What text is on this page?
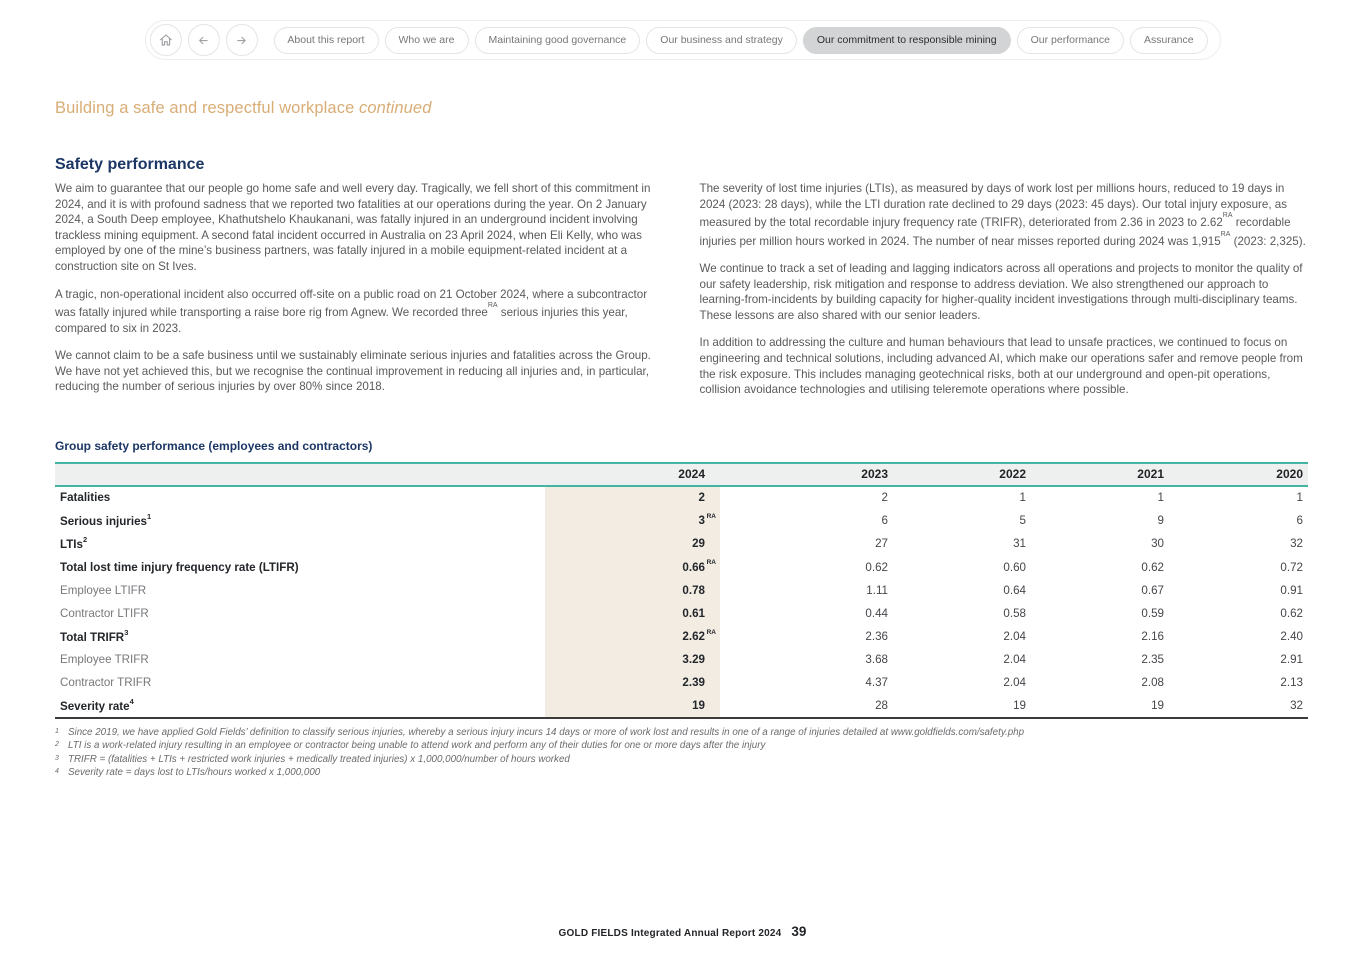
About this report	Who we are	Maintaining good governance	Our business and strategy	Our commitment to responsible mining	Our performance	Assurance
Building a safe and respectful workplace continued
Safety performance

We aim to guarantee that our people go home safe and well every day. Tragically, we fell short of this commitment in 2024, and it is with profound sadness that we reported two fatalities at our operations during the year. On 2 January 2024, a South Deep employee, Khathutshelo Khaukanani, was fatally injured in an underground incident involving trackless mining equipment. A second fatal incident occurred in Australia on 23 April 2024, when Eli Kelly, who was employed by one of the mine’s business partners, was fatally injured in a mobile equipment-related incident at a construction site on St Ives.

A tragic, non-operational incident also occurred off-site on a public road on 21 October 2024, where a subcontractor was fatally injured while transporting a raise bore rig from Agnew. We recorded three$^{RA}$ serious injuries this year, compared to six in 2023.

We cannot claim to be a safe business until we sustainably eliminate serious injuries and fatalities across the Group. We have not yet achieved this, but we recognise the continual improvement in reducing all injuries and, in particular, reducing the number of serious injuries by over 80% since 2018.

The severity of lost time injuries (LTIs), as measured by days of work lost per millions hours, reduced to 19 days in 2024 (2023: 28 days), while the LTI duration rate declined to 29 days (2023: 45 days). Our total injury exposure, as measured by the total recordable injury frequency rate (TRIFR), deteriorated from 2.36 in 2023 to $2.62^{RA}$ recordable injuries per million hours worked in 2024. The number of near misses reported during 2024 was $1,915^{RA}$ (2023: 2,325).

We continue to track a set of leading and lagging indicators across all operations and projects to monitor the quality of our safety leadership, risk mitigation and response to address deviation. We also strengthened our approach to learning-from-incidents by building capacity for higher-quality incident investigations through multi-disciplinary teams. These lessons are also shared with our senior leaders.

In addition to addressing the culture and human behaviours that lead to unsafe practices, we continued to focus on engineering and technical solutions, including advanced AI, which make our operations safer and remove people from the risk exposure. This includes managing geotechnical risks, both at our underground and open-pit operations, collision avoidance technologies and utilising teleremote operations where possible.

Group safety performance (employees and contractors)
	2024	2023	2022	2021	2020
Fatalities	2	2	1	1	1
Serious injuries$^1$	3 RA	6	5	9	6
LTIs$^2$	29	27	31	30	32
Total lost time injury frequency rate (LTIFR)	0.66 RA	0.62	0.60	0.62	0.72
Employee LTIFR	0.78	1.11	0.64	0.67	0.91
Contractor LTIFR	0.61	0.44	0.58	0.59	0.62
Total TRIFR$^3$	2.62 RA	2.36	2.04	2.16	2.40
Employee TRIFR	3.29	3.68	2.04	2.35	2.91
Contractor TRIFR	2.39	4.37	2.04	2.08	2.13
Severity rate$^4$	19	28	19	19	32
1 Since 2019, we have applied Gold Fields’ definition to classify serious injuries, whereby a serious injury incurs 14 days or more of work lost and results in one of a range of injuries detailed at www.goldfields.com/safety.php
2 LTI is a work-related injury resulting in an employee or contractor being unable to attend work and perform any of their duties for one or more days after the injury
3 TRIFR = (fatalities + LTIs + restricted work injuries + medically treated injuries) x 1,000,000/number of hours worked
4 Severity rate = days lost to LTIs/hours worked x 1,000,000
GOLD FIELDS Integrated Annual Report 2024 39
